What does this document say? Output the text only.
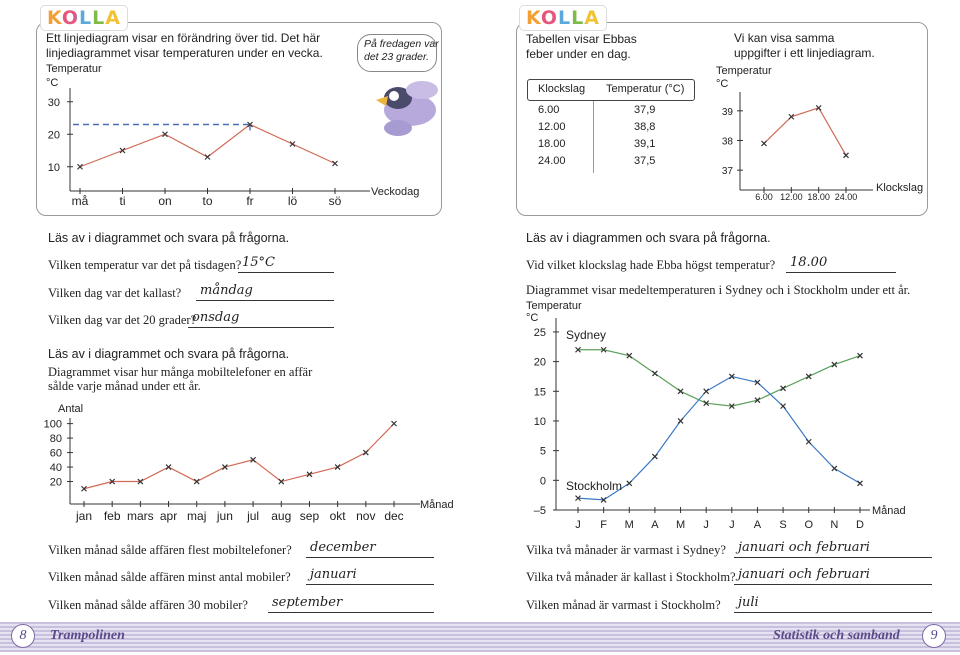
KOLLA
Ett linjediagram visar en förändring över tid. Det här
linjediagrammet visar temperaturen under en vecka.
Temperatur
°C
Veckodag
10
20
30
må	ti	on	to	fr	lö	sö
På fredagen var
det 23 grader.
Läs av i diagrammet och svara på frågorna.
Vilken temperatur var det på tisdagen? 15°C
Vilken dag var det kallast?	måndag
Vilken dag var det 20 grader?
onsdag
Läs av i diagrammet och svara på frågorna.
Diagrammet visar hur många mobiltelefoner en affär
sålde varje månad under ett år.
Antal
20
40
60
80
100
jan feb mars apr maj jun jul aug sep okt nov dec
Månad
Vilken månad sålde affären flest mobiltelefoner?	december
Vilken månad sålde affären minst antal mobiler?	januari
Vilken månad sålde affären 30 mobiler?	september
KOLLA
Tabellen visar Ebbas
feber under en dag.
Klockslag Temperatur (°C)
6.00	37,9
12.00	38,8
18.00	39,1
24.00	37,5
Vi kan visa samma
uppgifter i ett linjediagram.
Temperatur
°C
Klockslag
37
38
39
6.00 12.00 18.00 24.00
Läs av i diagrammen och svara på frågorna.
Vid vilket klockslag hade Ebba högst temperatur?	18.00
Diagrammet visar medeltemperaturen i Sydney och i Stockholm under ett år.
Temperatur
°C
–5
0
5
10
15
20
25 Sydney
Stockholm
J F M A M J J A S O N D
Månad
Vilka två månader är varmast i Sydney? januari och februari
Vilka två månader är kallast i Stockholm? januari och februari
Vilken månad är varmast i Stockholm?	juli
8	Trampolinen	Statistik och samband	9
